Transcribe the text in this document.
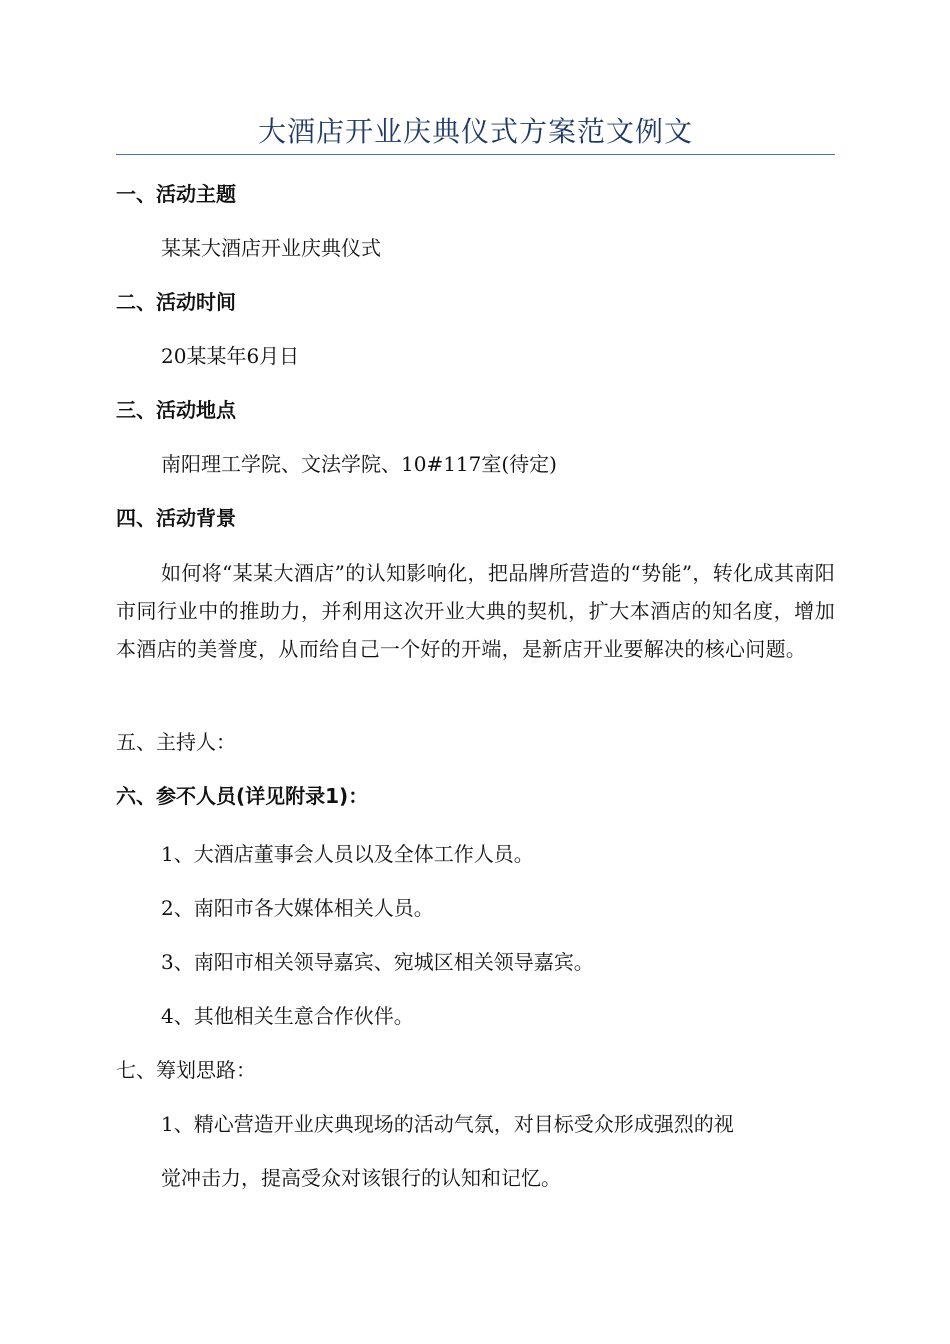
大酒店开业庆典仪式方案范文例文
一、活动主题
某某大酒店开业庆典仪式
二、活动时间
20某某年6月日
三、活动地点
南阳理工学院、文法学院、10#117室(待定)
四、活动背景
如何将“某某大酒店”的认知影响化，把品牌所营造的“势能”，转化成其南阳市同行业中的推助力，并利用这次开业大典的契机，扩大本酒店的知名度，增加本酒店的美誉度，从而给自己一个好的开端，是新店开业要解决的核心问题。
五、主持人：
六、参不人员(详见附录1)：
1、大酒店董事会人员以及全体工作人员。
2、南阳市各大媒体相关人员。
3、南阳市相关领导嘉宾、宛城区相关领导嘉宾。
4、其他相关生意合作伙伴。
七、筹划思路：
1、精心营造开业庆典现场的活动气氛，对目标受众形成强烈的视
觉冲击力，提高受众对该银行的认知和记忆。
